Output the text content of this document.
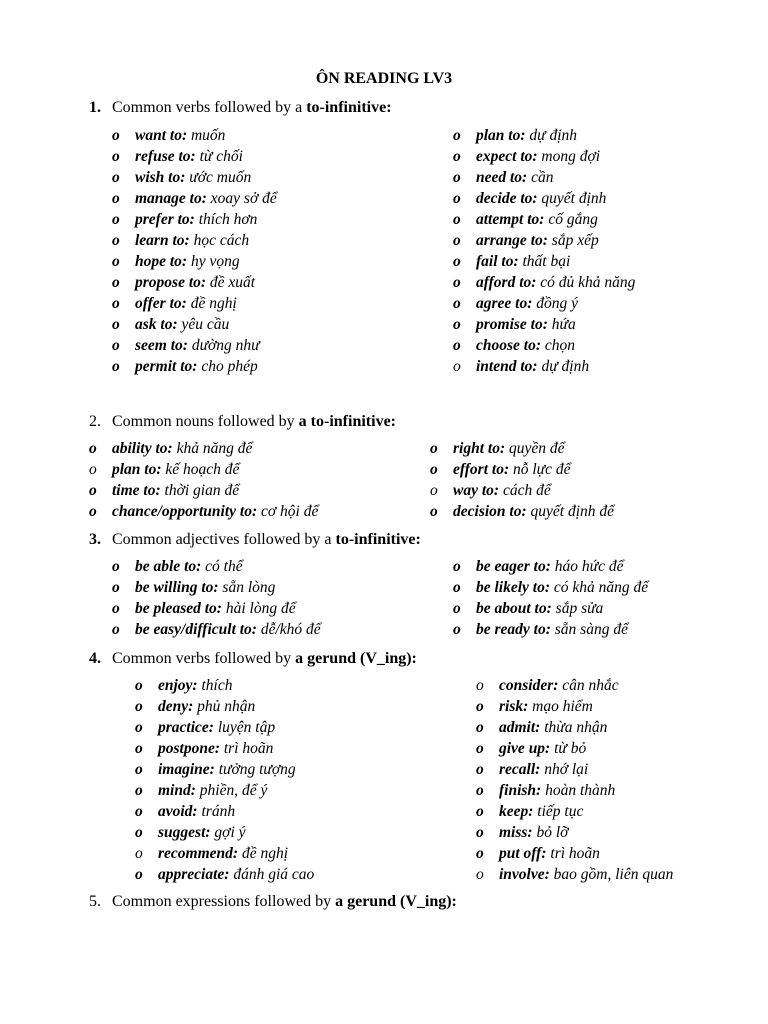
ÔN READING LV3
1. Common verbs followed by a to-infinitive:
o want to: muốn
o refuse to: từ chối
o wish to: ước muốn
o manage to: xoay sở để
o prefer to: thích hơn
o learn to: học cách
o hope to: hy vọng
o propose to: đề xuất
o offer to: đề nghị
o ask to: yêu cầu
o seem to: dường như
o permit to: cho phép
o plan to: dự định
o expect to: mong đợi
o need to: cần
o decide to: quyết định
o attempt to: cố gắng
o arrange to: sắp xếp
o fail to: thất bại
o afford to: có đủ khả năng
o agree to: đồng ý
o promise to: hứa
o choose to: chọn
o intend to: dự định
2. Common nouns followed by a to-infinitive:
o ability to: khả năng để
o plan to: kế hoạch để
o time to: thời gian để
o chance/opportunity to: cơ hội để
o right to: quyền để
o effort to: nỗ lực để
o way to: cách để
o decision to: quyết định để
3. Common adjectives followed by a to-infinitive:
o be able to: có thể
o be willing to: sẵn lòng
o be pleased to: hài lòng để
o be easy/difficult to: dễ/khó để
o be eager to: háo hức để
o be likely to: có khả năng để
o be about to: sắp sửa
o be ready to: sẵn sàng để
4. Common verbs followed by a gerund (V_ing):
o enjoy: thích
o deny: phủ nhận
o practice: luyện tập
o postpone: trì hoãn
o imagine: tưởng tượng
o mind: phiền, để ý
o avoid: tránh
o suggest: gợi ý
o recommend: đề nghị
o appreciate: đánh giá cao
o consider: cân nhắc
o risk: mạo hiểm
o admit: thừa nhận
o give up: từ bỏ
o recall: nhớ lại
o finish: hoàn thành
o keep: tiếp tục
o miss: bỏ lỡ
o put off: trì hoãn
o involve: bao gồm, liên quan
5. Common expressions followed by a gerund (V_ing):
